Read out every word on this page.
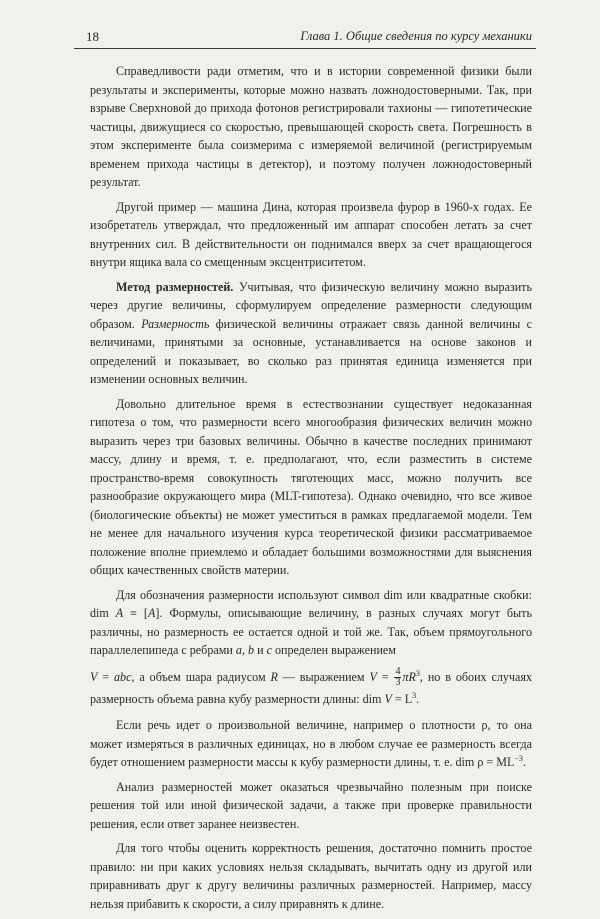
18	Глава 1. Общие сведения по курсу механики

Справедливости ради отметим, что и в истории современной физики были результаты и эксперименты, которые можно назвать ложнодостоверными. Так, при взрыве Сверхновой до прихода фотонов регистрировали тахионы — гипотетические частицы, движущиеся со скоростью, превышающей скорость света. Погрешность в этом эксперименте была соизмерима с измеряемой величиной (регистрируемым временем прихода частицы в детектор), и поэтому получен ложнодостоверный результат.

Другой пример — машина Дина, которая произвела фурор в 1960-х годах. Ее изобретатель утверждал, что предложенный им аппарат способен летать за счет внутренних сил. В действительности он поднимался вверх за счет вращающегося внутри ящика вала со смещенным эксцентриситетом.

Метод размерностей. Учитывая, что физическую величину можно выразить через другие величины, сформулируем определение размерности следующим образом. Размерность физической величины отражает связь данной величины с величинами, принятыми за основные, устанавливается на основе законов и определений и показывает, во сколько раз принятая единица изменяется при изменении основных величин.

Довольно длительное время в естествознании существует недоказанная гипотеза о том, что размерности всего многообразия физических величин можно выразить через три базовых величины. Обычно в качестве последних принимают массу, длину и время, т. е. предполагают, что, если разместить в системе пространство-время совокупность тяготеющих масс, можно получить все разнообразие окружающего мира (MLT-гипотеза). Однако очевидно, что все живое (биологические объекты) не может уместиться в рамках предлагаемой модели. Тем не менее для начального изучения курса теоретической физики рассматриваемое положение вполне приемлемо и обладает большими возможностями для выяснения общих качественных свойств материи.

Для обозначения размерности используют символ dim или квадратные скобки: dim A ≡ [A]. Формулы, описывающие величину, в разных случаях могут быть различны, но размерность ее остается одной и той же. Так, объем прямоугольного параллелепипеда с ребрами a, b и c определен выражением

V = abc, а объем шара радиусом R — выражением $V = \frac{4}{3} \pi R^3$, но в обоих случаях размерность объема равна кубу размерности длины: dim $V = L^3$.

Если речь идет о произвольной величине, например о плотности ρ, то она может измеряться в различных единицах, но в любом случае ее размерность всегда будет отношением размерности массы к кубу размерности длины, т. е. dim $\rho = ML^{-3}$.

Анализ размерностей может оказаться чрезвычайно полезным при поиске решения той или иной физической задачи, а также при проверке правильности решения, если ответ заранее неизвестен.

Для того чтобы оценить корректность решения, достаточно помнить простое правило: ни при каких условиях нельзя складывать, вычитать одну из другой или приравнивать друг к другу величины различных размерностей. Например, массу нельзя прибавить к скорости, а силу приравнять к длине.
